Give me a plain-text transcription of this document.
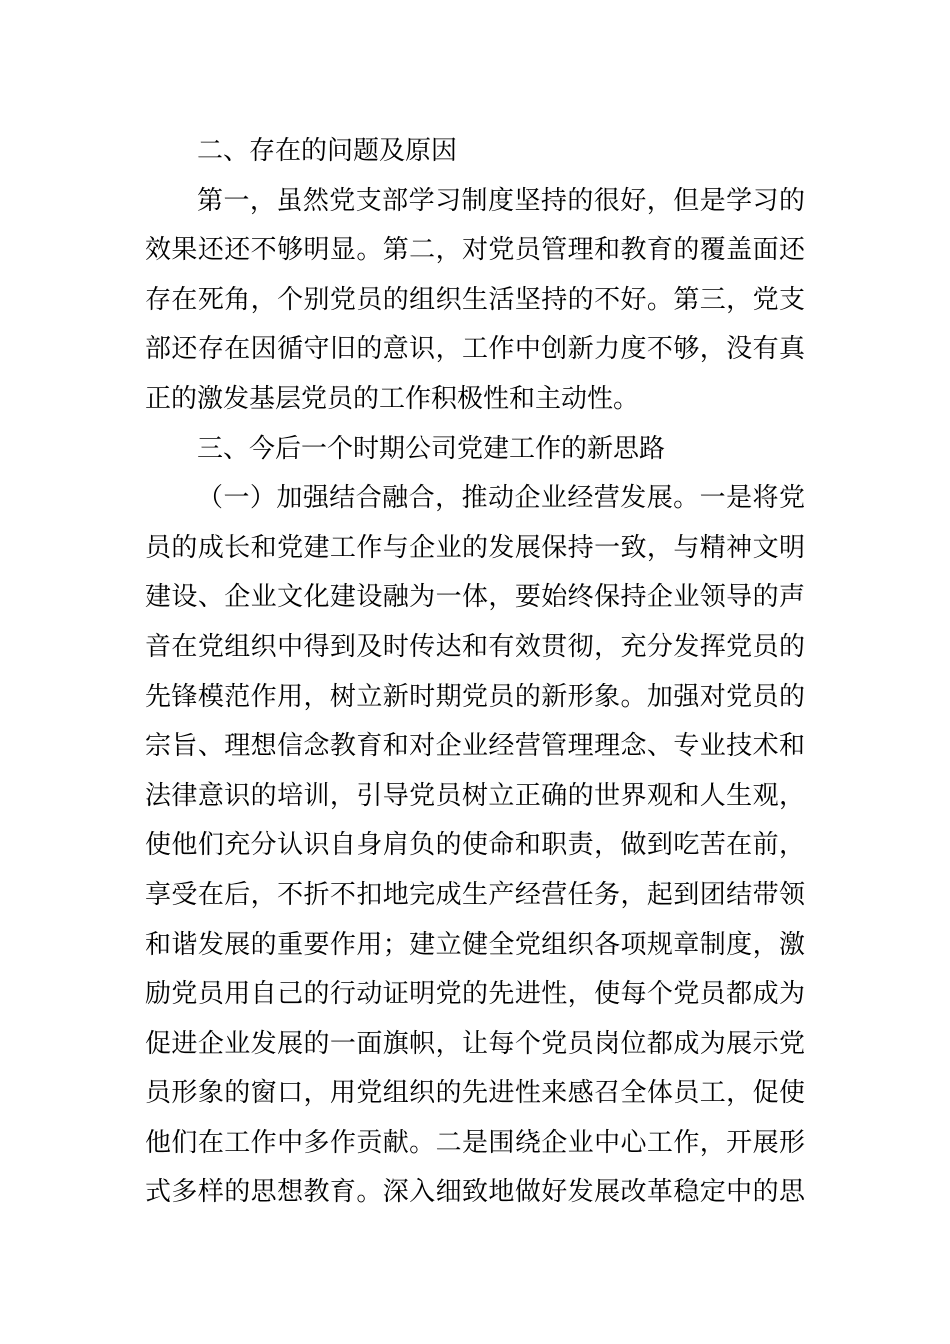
二、存在的问题及原因
第一，虽然党支部学习制度坚持的很好，但是学习的
效果还还不够明显。第二，对党员管理和教育的覆盖面还
存在死角，个别党员的组织生活坚持的不好。第三，党支
部还存在因循守旧的意识，工作中创新力度不够，没有真
正的激发基层党员的工作积极性和主动性。
三、今后一个时期公司党建工作的新思路
（一）加强结合融合，推动企业经营发展。一是将党
员的成长和党建工作与企业的发展保持一致，与精神文明
建设、企业文化建设融为一体，要始终保持企业领导的声
音在党组织中得到及时传达和有效贯彻，充分发挥党员的
先锋模范作用，树立新时期党员的新形象。加强对党员的
宗旨、理想信念教育和对企业经营管理理念、专业技术和
法律意识的培训，引导党员树立正确的世界观和人生观，
使他们充分认识自身肩负的使命和职责，做到吃苦在前，
享受在后，不折不扣地完成生产经营任务，起到团结带领
和谐发展的重要作用；建立健全党组织各项规章制度，激
励党员用自己的行动证明党的先进性，使每个党员都成为
促进企业发展的一面旗帜，让每个党员岗位都成为展示党
员形象的窗口，用党组织的先进性来感召全体员工，促使
他们在工作中多作贡献。二是围绕企业中心工作，开展形
式多样的思想教育。深入细致地做好发展改革稳定中的思
